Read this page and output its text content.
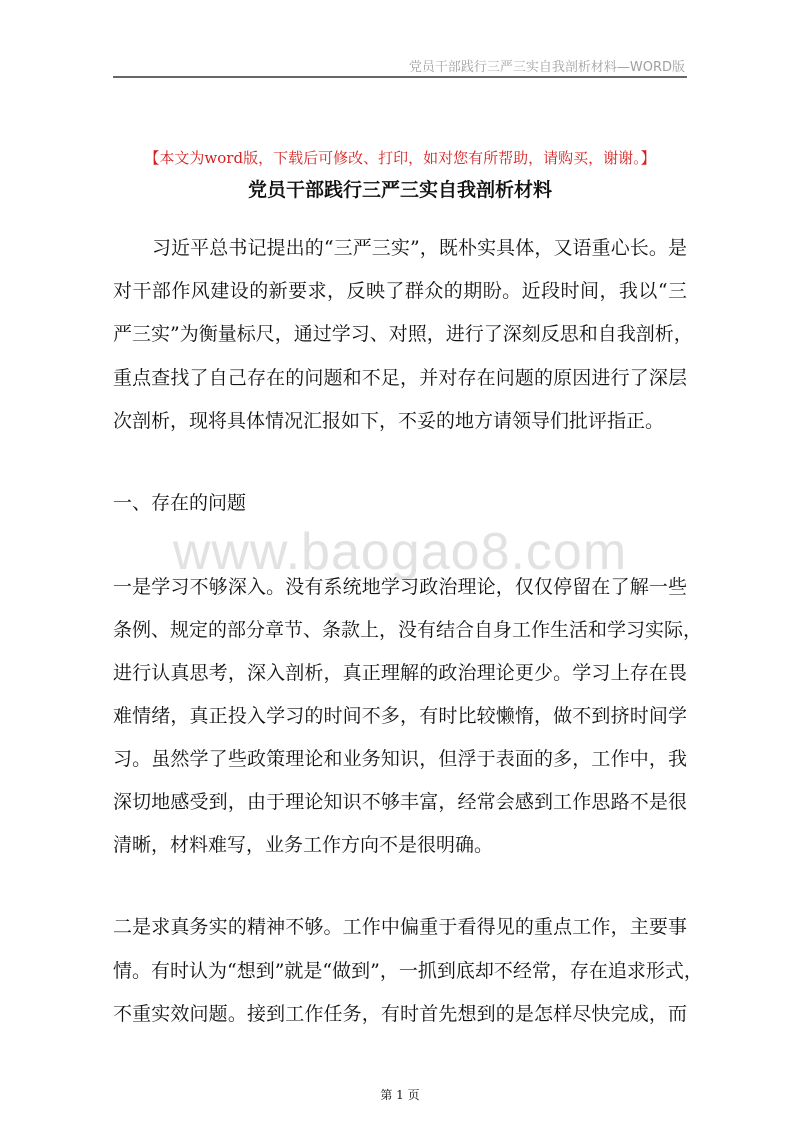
党员干部践行三严三实自我剖析材料—WORD版
【本文为word版，下载后可修改、打印，如对您有所帮助，请购买，谢谢。】
党员干部践行三严三实自我剖析材料
习近平总书记提出的“三严三实”，既朴实具体，又语重心长。是
对干部作风建设的新要求，反映了群众的期盼。近段时间，我以“三
严三实”为衡量标尺，通过学习、对照，进行了深刻反思和自我剖析，
重点查找了自己存在的问题和不足，并对存在问题的原因进行了深层
次剖析，现将具体情况汇报如下，不妥的地方请领导们批评指正。
一、存在的问题
www.baogao8.com
一是学习不够深入。没有系统地学习政治理论，仅仅停留在了解一些
条例、规定的部分章节、条款上，没有结合自身工作生活和学习实际，
进行认真思考，深入剖析，真正理解的政治理论更少。学习上存在畏
难情绪，真正投入学习的时间不多，有时比较懒惰，做不到挤时间学
习。虽然学了些政策理论和业务知识，但浮于表面的多，工作中，我
深切地感受到，由于理论知识不够丰富，经常会感到工作思路不是很
清晰，材料难写，业务工作方向不是很明确。
二是求真务实的精神不够。工作中偏重于看得见的重点工作，主要事
情。有时认为“想到”就是“做到”，一抓到底却不经常，存在追求形式，
不重实效问题。接到工作任务，有时首先想到的是怎样尽快完成，而
第 1 页
